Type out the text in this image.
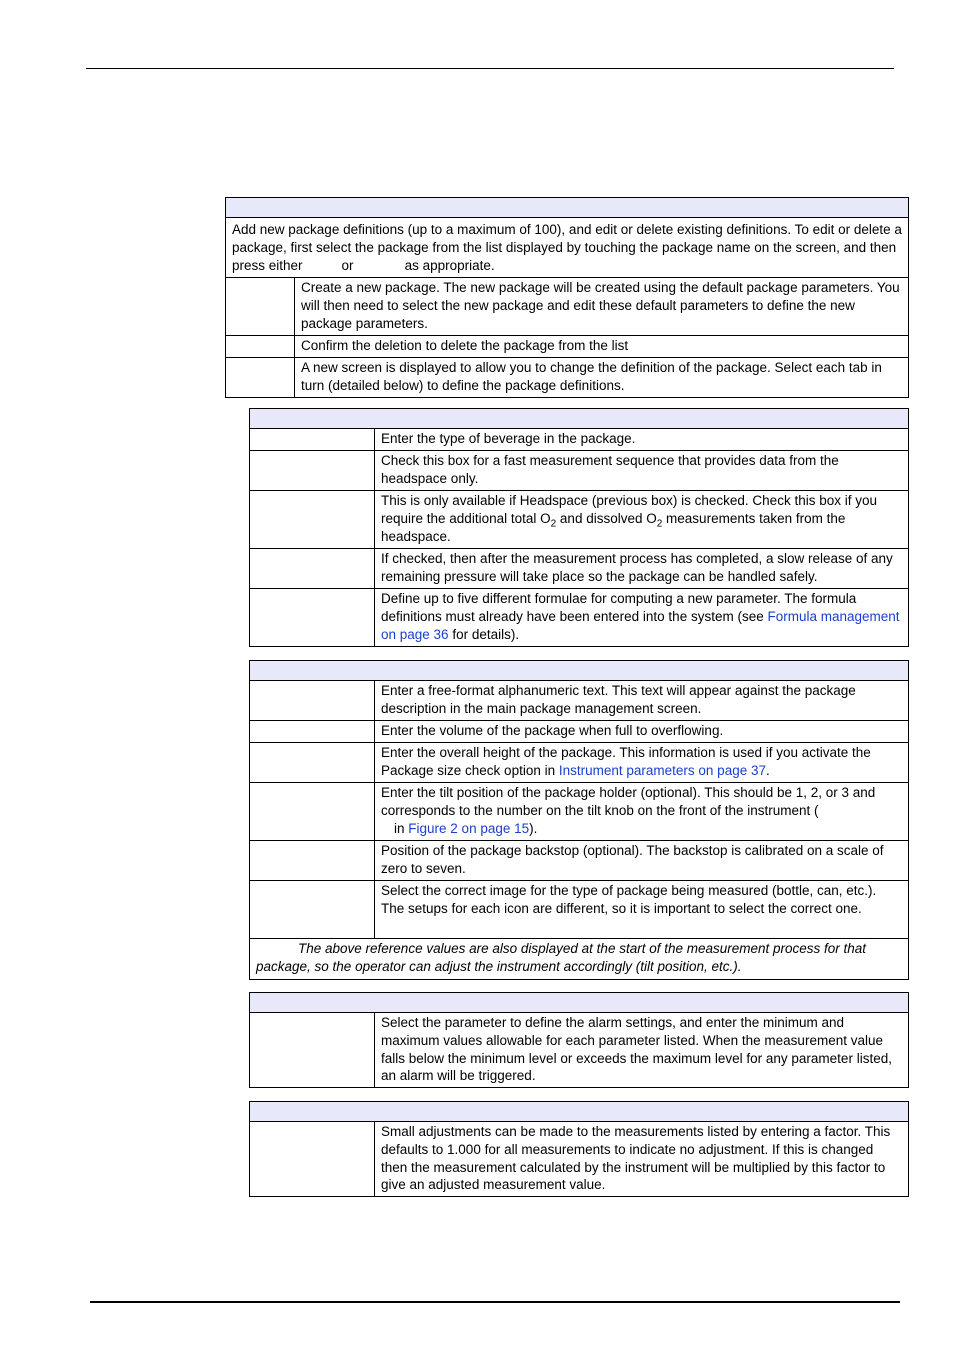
Add new package definitions (up to a maximum of 100), and edit or delete existing definitions. To edit or delete a package, first select the package from the list displayed by touching the package name on the screen, and then press either or as appropriate.	
	Create a new package. The new package will be created using the default package parameters. You will then need to select the new package and edit these default parameters to define the new package parameters.
	Confirm the deletion to delete the package from the list
	A new screen is displayed to allow you to change the definition of the package. Select each tab in turn (detailed below) to define the package definitions.

	Enter the type of beverage in the package.
	Check this box for a fast measurement sequence that provides data from the headspace only.
	This is only available if Headspace (previous box) is checked. Check this box if you require the additional total $O_2$ and dissolved $O_2$ measurements taken from the headspace.
	If checked, then after the measurement process has completed, a slow release of any remaining pressure will take place so the package can be handled safely.
	Define up to five different formulae for computing a new parameter. The formula definitions must already have been entered into the system (see Formula management on page 36 for details).

	Enter a free-format alphanumeric text. This text will appear against the package description in the main package management screen.
	Enter the volume of the package when full to overflowing.
	Enter the overall height of the package. This information is used if you activate the Package size check option in Instrument parameters on page 37.
	Enter the tilt position of the package holder (optional). This should be 1, 2, or 3 and corresponds to the number on the tilt knob on the front of the instrument (
in Figure 2 on page 15).
	Position of the package backstop (optional). The backstop is calibrated on a scale of zero to seven.
	Select the correct image for the type of package being measured (bottle, can, etc.). The setups for each icon are different, so it is important to select the correct one.
The above reference values are also displayed at the start of the measurement process for that package, so the operator can adjust the instrument accordingly (tilt position, etc.).	

	Select the parameter to define the alarm settings, and enter the minimum and maximum values allowable for each parameter listed. When the measurement value falls below the minimum level or exceeds the maximum level for any parameter listed, an alarm will be triggered.

	Small adjustments can be made to the measurements listed by entering a factor. This defaults to 1.000 for all measurements to indicate no adjustment. If this is changed then the measurement calculated by the instrument will be multiplied by this factor to give an adjusted measurement value.
